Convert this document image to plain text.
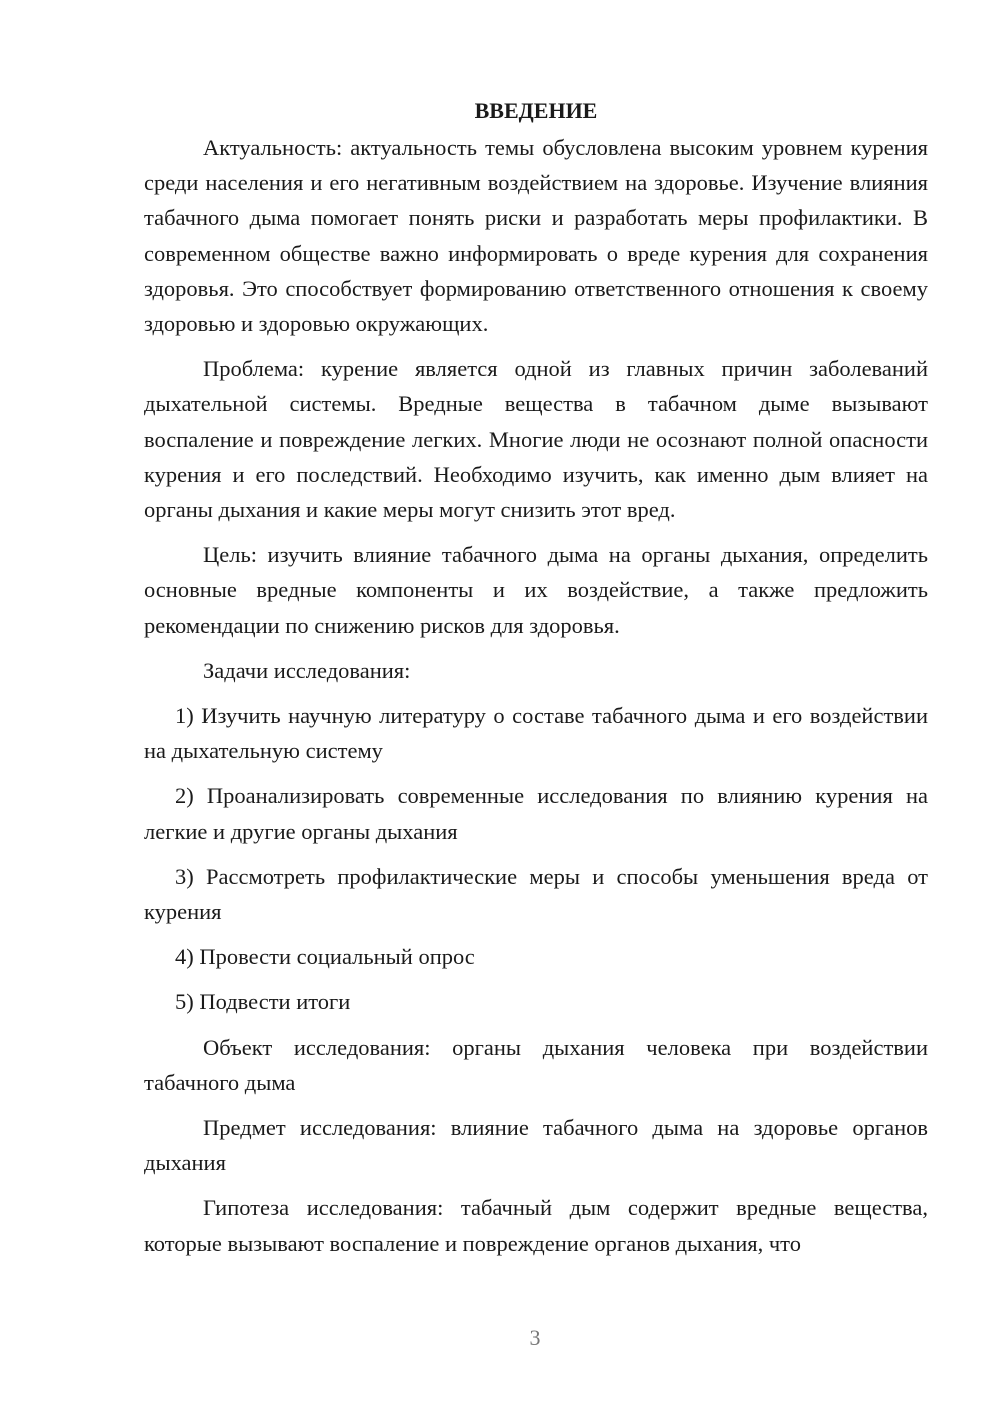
ВВЕДЕНИЕ

Актуальность: актуальность темы обусловлена высоким уровнем курения среди населения и его негативным воздействием на здоровье. Изучение влияния табачного дыма помогает понять риски и разработать меры профилактики. В современном обществе важно информировать о вреде курения для сохранения здоровья. Это способствует формированию ответственного отношения к своему здоровью и здоровью окружающих.

Проблема: курение является одной из главных причин заболеваний дыхательной системы. Вредные вещества в табачном дыме вызывают воспаление и повреждение легких. Многие люди не осознают полной опасности курения и его последствий. Необходимо изучить, как именно дым влияет на органы дыхания и какие меры могут снизить этот вред.

Цель: изучить влияние табачного дыма на органы дыхания, определить основные вредные компоненты и их воздействие, а также предложить рекомендации по снижению рисков для здоровья.

Задачи исследования:

1) Изучить научную литературу о составе табачного дыма и его воздействии на дыхательную систему

2) Проанализировать современные исследования по влиянию курения на легкие и другие органы дыхания

3) Рассмотреть профилактические меры и способы уменьшения вреда от курения

4) Провести социальный опрос

5) Подвести итоги

Объект исследования: органы дыхания человека при воздействии табачного дыма

Предмет исследования: влияние табачного дыма на здоровье органов дыхания

Гипотеза исследования: табачный дым содержит вредные вещества, которые вызывают воспаление и повреждение органов дыхания, что

3
